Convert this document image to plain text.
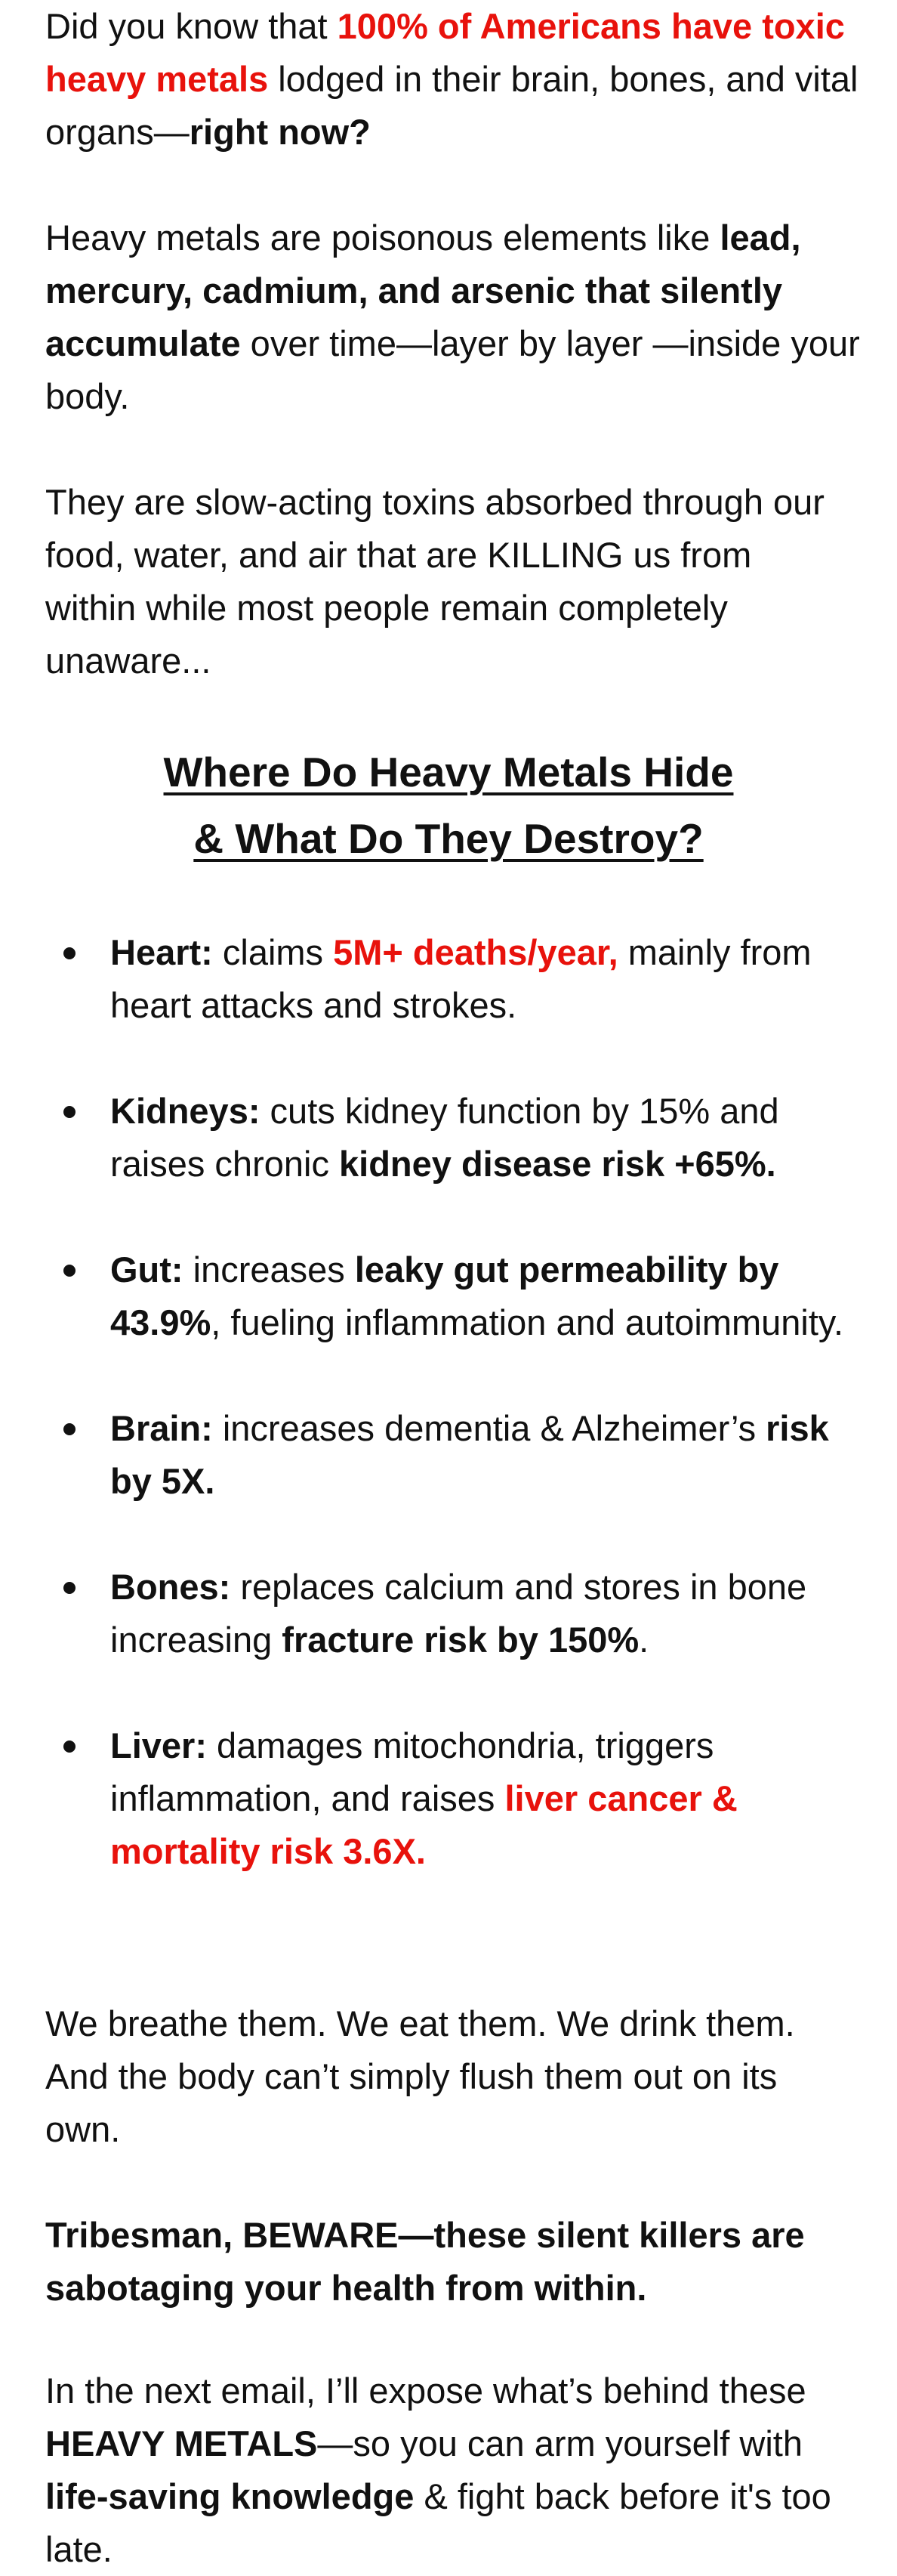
Did you know that 100% of Americans have toxic heavy metals lodged in their brain, bones, and vital organs—right now?

Heavy metals are poisonous elements like lead, mercury, cadmium, and arsenic that silently accumulate over time—layer by layer —inside your body.

They are slow-acting toxins absorbed through our food, water, and air that are KILLING us from within while most people remain completely unaware...

Where Do Heavy Metals Hide
& What Do They Destroy?
Heart: claims 5M+ deaths/year, mainly from heart attacks and strokes.
Kidneys: cuts kidney function by 15% and raises chronic kidney disease risk +65%.
Gut: increases leaky gut permeability by 43.9%, fueling inflammation and autoimmunity.
Brain: increases dementia & Alzheimer’s risk by 5X.
Bones: replaces calcium and stores in bone increasing fracture risk by 150%.
Liver: damages mitochondria, triggers inflammation, and raises liver cancer & mortality risk 3.6X.

We breathe them. We eat them. We drink them. And the body can’t simply flush them out on its own.

Tribesman, BEWARE—these silent killers are sabotaging your health from within.

In the next email, I’ll expose what’s behind these HEAVY METALS—so you can arm yourself with life-saving knowledge & fight back before it's too late.
